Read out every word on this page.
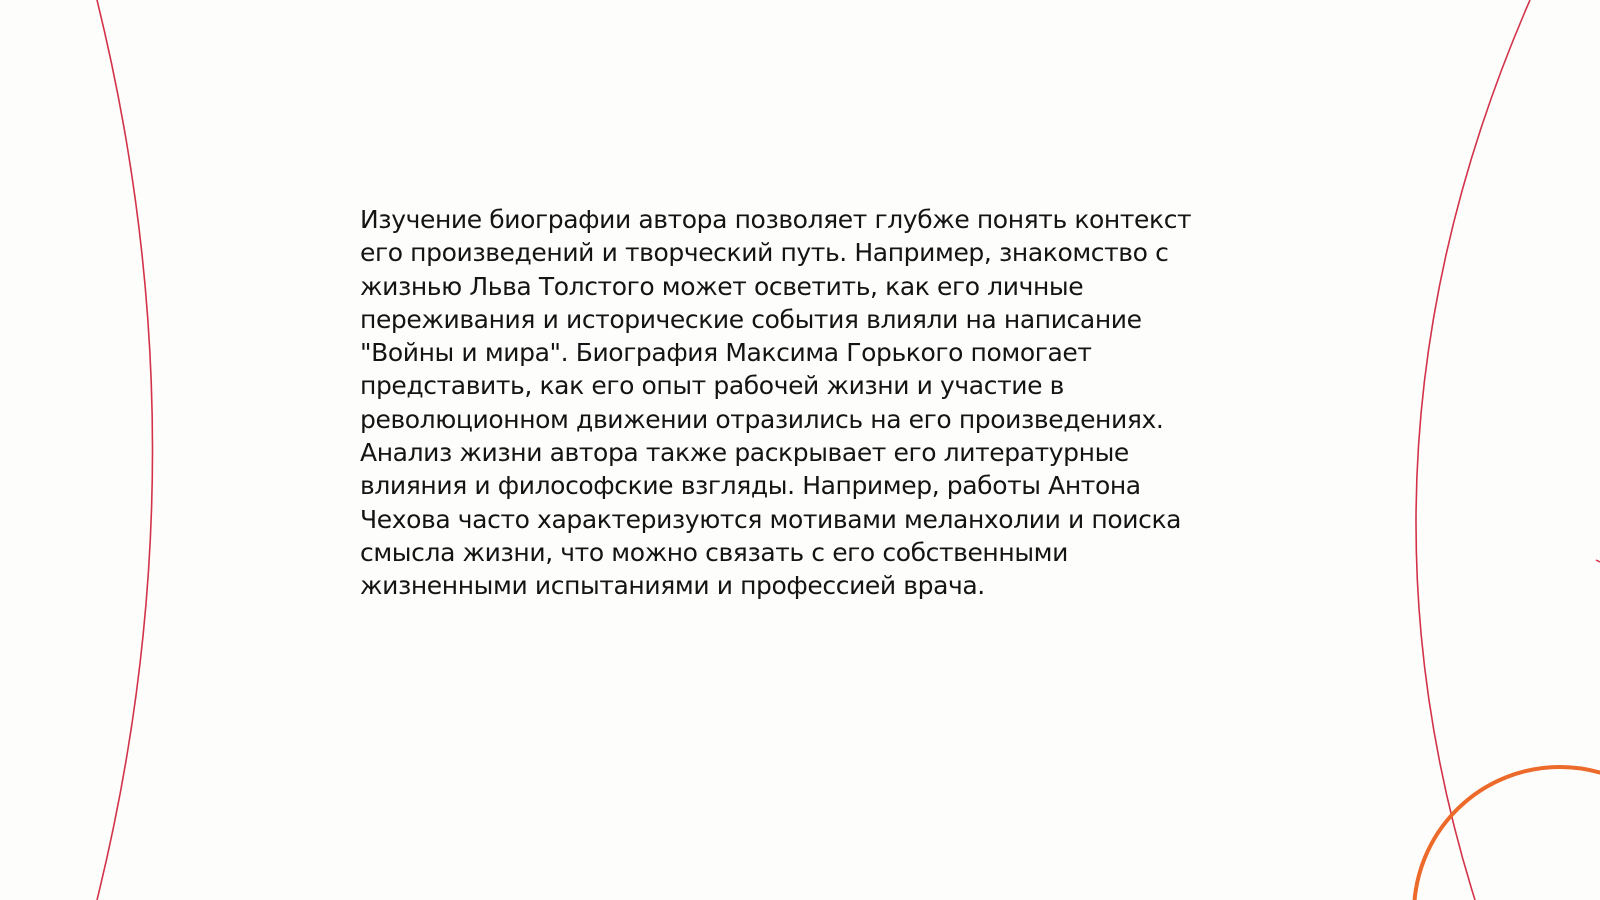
Изучение биографии автора позволяет глубже понять контекст
его произведений и творческий путь. Например, знакомство с
жизнью Льва Толстого может осветить, как его личные
переживания и исторические события влияли на написание
"Войны и мира". Биография Максима Горького помогает
представить, как его опыт рабочей жизни и участие в
революционном движении отразились на его произведениях.
Анализ жизни автора также раскрывает его литературные
влияния и философские взгляды. Например, работы Антона
Чехова часто характеризуются мотивами меланхолии и поиска
смысла жизни, что можно связать с его собственными
жизненными испытаниями и профессией врача.
